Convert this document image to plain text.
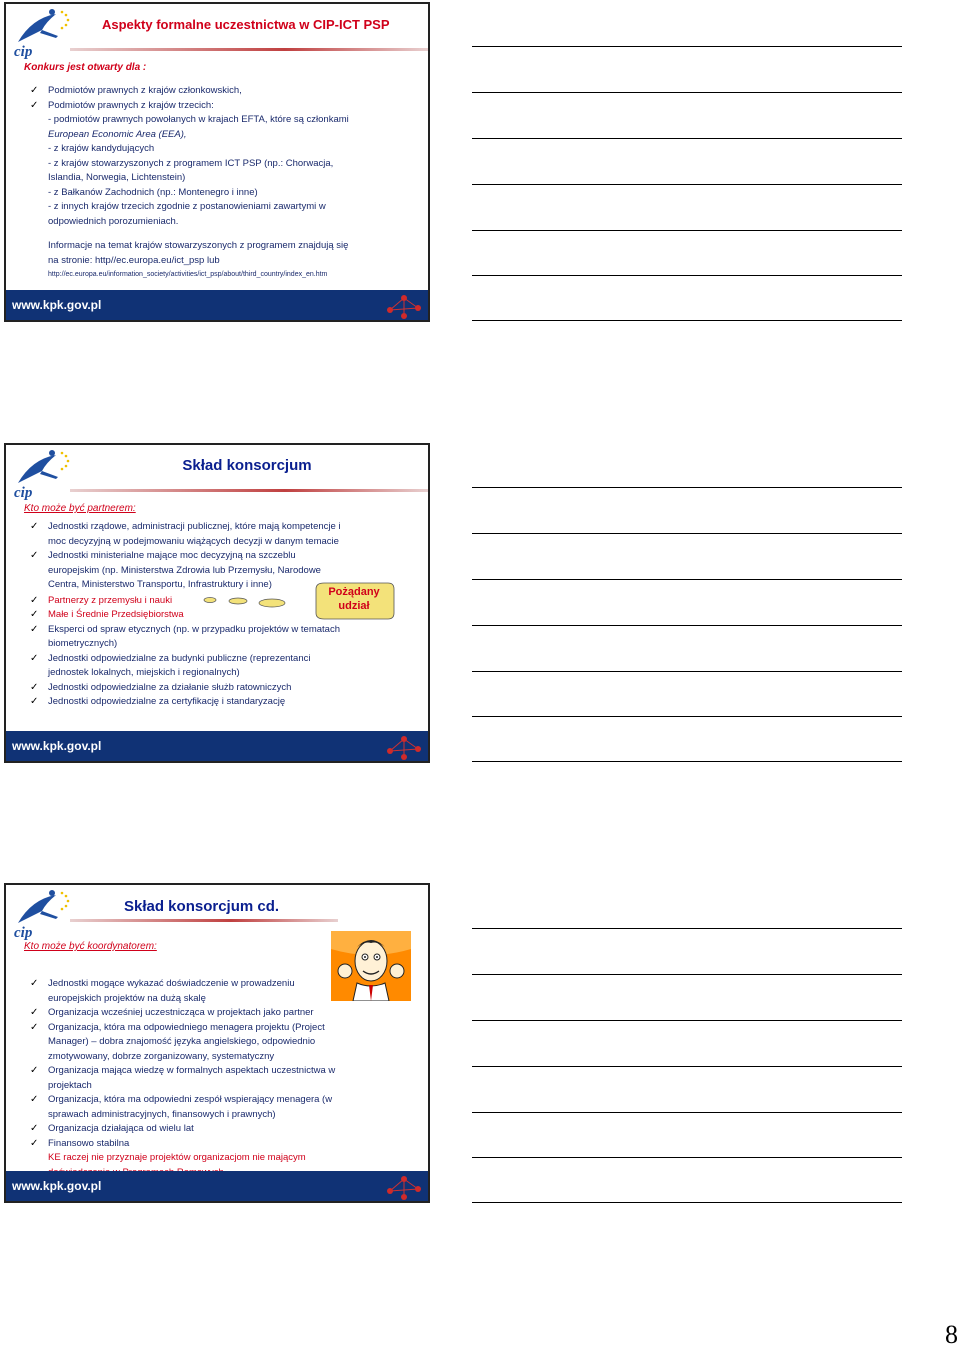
cip
Aspekty formalne uczestnictwa w CIP-ICT PSP
Konkurs jest otwarty dla :
✓ Podmiotów prawnych z krajów członkowskich,
✓ Podmiotów prawnych z krajów trzecich:
- podmiotów prawnych powołanych w krajach EFTA, które są członkami
European Economic Area (EEA),
- z krajów kandydujących
- z krajów stowarzyszonych z programem ICT PSP (np.: Chorwacja,
Islandia, Norwegia, Lichtenstein)
- z Bałkanów Zachodnich (np.: Montenegro i inne)
- z innych krajów trzecich zgodnie z postanowieniami zawartymi w
odpowiednich porozumieniach.
Informacje na temat krajów stowarzyszonych z programem znajdują się
na stronie: http//ec.europa.eu/ict_psp lub
http://ec.europa.eu/information_society/activities/ict_psp/about/third_country/index_en.htm
www.kpk.gov.pl
cip
Skład konsorcjum
Kto może być partnerem:
✓ Jednostki rządowe, administracji publicznej, które mają kompetencje i
moc decyzyjną w podejmowaniu wiążących decyzji w danym temacie
✓ Jednostki ministerialne mające moc decyzyjną na szczeblu
europejskim (np. Ministerstwa Zdrowia lub Przemysłu, Narodowe
Centra, Ministerstwo Transportu, Infrastruktury i inne)
✓ Partnerzy z przemysłu i nauki
✓ Małe i Średnie Przedsiębiorstwa
✓ Eksperci od spraw etycznych (np. w przypadku projektów w tematach
biometrycznych)
✓ Jednostki odpowiedzialne za budynki publiczne (reprezentanci
jednostek lokalnych, miejskich i regionalnych)
✓ Jednostki odpowiedzialne za działanie służb ratowniczych
✓ Jednostki odpowiedzialne za certyfikację i standaryzację
Pożądany
udział
www.kpk.gov.pl
cip
Skład konsorcjum cd.
Kto może być koordynatorem:
✓ Jednostki mogące wykazać doświadczenie w prowadzeniu
europejskich projektów na dużą skalę
✓ Organizacja wcześniej uczestnicząca w projektach jako partner
✓ Organizacja, która ma odpowiedniego menagera projektu (Project
Manager) – dobra znajomość języka angielskiego, odpowiednio
zmotywowany, dobrze zorganizowany, systematyczny
✓ Organizacja mająca wiedzę w formalnych aspektach uczestnictwa w
projektach
✓ Organizacja, która ma odpowiedni zespół wspierający menagera (w
sprawach administracyjnych, finansowych i prawnych)
✓ Organizacja działająca od wielu lat
✓ Finansowo stabilna
KE raczej nie przyznaje projektów organizacjom nie mającym
www.kpk.gov.pl
8
